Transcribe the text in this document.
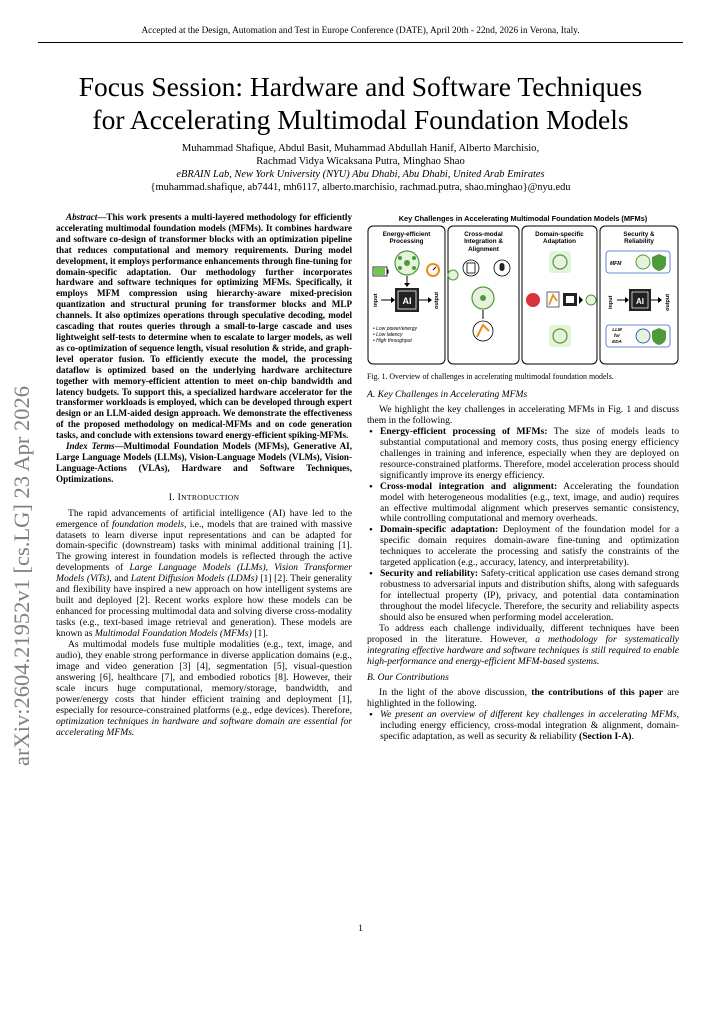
Accepted at the Design, Automation and Test in Europe Conference (DATE), April 20th - 22nd, 2026 in Verona, Italy.
Focus Session: Hardware and Software Techniques
for Accelerating Multimodal Foundation Models
Muhammad Shafique, Abdul Basit, Muhammad Abdullah Hanif, Alberto Marchisio,
Rachmad Vidya Wicaksana Putra, Minghao Shao
eBRAIN Lab, New York University (NYU) Abu Dhabi, Abu Dhabi, United Arab Emirates
{muhammad.shafique, ab7441, mh6117, alberto.marchisio, rachmad.putra, shao.minghao}@nyu.edu
arXiv:2604.21952v1 [cs.LG] 23 Apr 2026

Abstract—This work presents a multi-layered methodology for efficiently accelerating multimodal foundation models (MFMs). It combines hardware and software co-design of transformer blocks with an optimization pipeline that reduces computational and memory requirements. During model development, it employs performance enhancements through fine-tuning for domain-specific adaptation. Our methodology further incorporates hardware and software techniques for optimizing MFMs. Specifically, it employs MFM compression using hierarchy-aware mixed-precision quantization and structural pruning for transformer blocks and MLP channels. It also optimizes operations through speculative decoding, model cascading that routes queries through a small-to-large cascade and uses lightweight self-tests to determine when to escalate to larger models, as well as co-optimization of sequence length, visual resolution & stride, and graph-level operator fusion. To efficiently execute the model, the processing dataflow is optimized based on the underlying hardware architecture together with memory-efficient attention to meet on-chip bandwidth and latency budgets. To support this, a specialized hardware accelerator for the transformer workloads is employed, which can be developed through expert design or an LLM-aided design approach. We demonstrate the effectiveness of the proposed methodology on medical-MFMs and on code generation tasks, and conclude with extensions toward energy-efficient spiking-MFMs.

Index Terms—Multimodal Foundation Models (MFMs), Generative AI, Large Language Models (LLMs), Vision-Language Models (VLMs), Vision-Language-Actions (VLAs), Hardware and Software Techniques, Optimizations.

I. INTRODUCTION

The rapid advancements of artificial intelligence (AI) have led to the emergence of foundation models, i.e., models that are trained with massive datasets to learn diverse input representations and can be adapted for domain-specific (downstream) tasks with minimal additional training [1]. The growing interest in foundation models is reflected through the active developments of Large Language Models (LLMs), Vision Transformer Models (ViTs), and Latent Diffusion Models (LDMs) [1] [2]. Their generality and flexibility have inspired a new approach on how intelligent systems are built and deployed [2]. Recent works explore how these models can be enhanced for processing multimodal data and solving diverse cross-modality tasks (e.g., text-based image retrieval and generation). These models are known as Multimodal Foundation Models (MFMs) [1].

As multimodal models fuse multiple modalities (e.g., text, image, and audio), they enable strong performance in diverse application domains (e.g., image and video generation [3] [4], segmentation [5], visual-question answering [6], healthcare [7], and embodied robotics [8]. However, their scale incurs huge computational, memory/storage, bandwidth, and power/energy costs that hinder efficient training and deployment [1], especially for resource-constrained platforms (e.g., edge devices). Therefore, optimization techniques in hardware and software domain are essential for accelerating MFMs.

Key Challenges in Accelerating Multimodal Foundation Models (MFMs)
AI
input	output
MFM
AI
input	output
LLM
for
EDA
Energy-efficient
Processing
Cross-modal
Integration &
Alignment
Domain-specific
Adaptation
Security &
Reliability
• Low power/energy
• Low latency
• High throughput
Fig. 1. Overview of challenges in accelerating multimodal foundation models.

A. Key Challenges in Accelerating MFMs

We highlight the key challenges in accelerating MFMs in Fig. 1 and discuss them in the following.

• Energy-efficient processing of MFMs: The size of models leads to substantial computational and memory costs, thus posing energy efficiency challenges in training and inference, especially when they are deployed on resource-constrained platforms. Therefore, model acceleration process should significantly improve its energy efficiency.
• Cross-modal integration and alignment: Accelerating the foundation model with heterogeneous modalities (e.g., text, image, and audio) requires an effective multimodal alignment which preserves semantic consistency, while controlling computational and memory overheads.
• Domain-specific adaptation: Deployment of the foundation model for a specific domain requires domain-aware fine-tuning and optimization techniques to accelerate the processing and satisfy the constraints of the targeted application (e.g., accuracy, latency, and interpretability).
• Security and reliability: Safety-critical application use cases demand strong robustness to adversarial inputs and distribution shifts, along with safeguards for intellectual property (IP), privacy, and potential data contamination throughout the model lifecycle. Therefore, the security and reliability aspects should also be ensured when performing model acceleration.

To address each challenge individually, different techniques have been proposed in the literature. However, a methodology for systematically integrating effective hardware and software techniques is still required to enable high-performance and energy-efficient MFM-based systems.

B. Our Contributions

In the light of the above discussion, the contributions of this paper are highlighted in the following.

• We present an overview of different key challenges in accelerating MFMs, including energy efficiency, cross-modal integration & alignment, domain-specific adaptation, as well as security & reliability (Section I-A).
1
